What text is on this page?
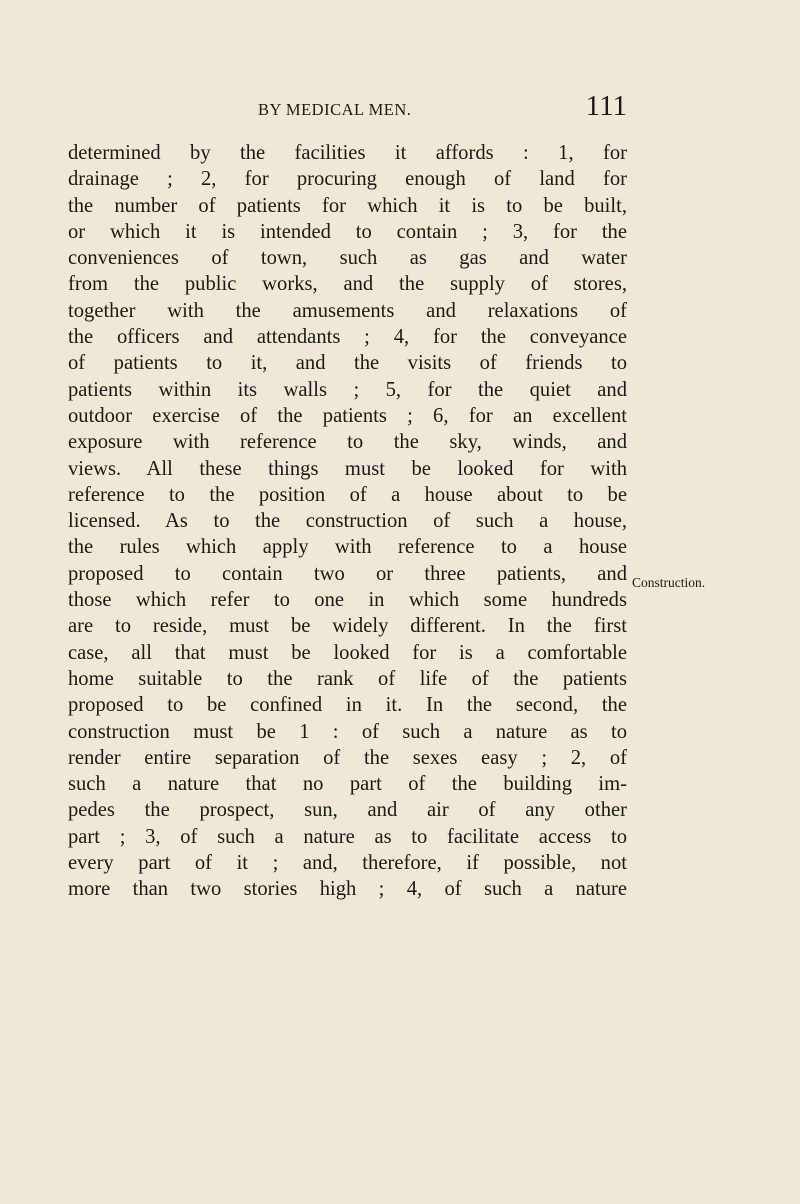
BY MEDICAL MEN.	111
determined by the facilities it affords : 1, for
drainage ; 2, for procuring enough of land for
the number of patients for which it is to be built,
or which it is intended to contain ; 3, for the
conveniences of town, such as gas and water
from the public works, and the supply of stores,
together with the amusements and relaxations of
the officers and attendants ; 4, for the conveyance
of patients to it, and the visits of friends to
patients within its walls ; 5, for the quiet and
outdoor exercise of the patients ; 6, for an excellent
exposure with reference to the sky, winds, and
views. All these things must be looked for with
reference to the position of a house about to be
licensed. As to the construction of such a house,
the rules which apply with reference to a house
proposed to contain two or three patients, and
those which refer to one in which some hundreds
are to reside, must be widely different. In the first
case, all that must be looked for is a comfortable
home suitable to the rank of life of the patients
proposed to be confined in it. In the second, the
construction must be 1 : of such a nature as to
render entire separation of the sexes easy ; 2, of
such a nature that no part of the building im-
pedes the prospect, sun, and air of any other
part ; 3, of such a nature as to facilitate access to
every part of it ; and, therefore, if possible, not
more than two stories high ; 4, of such a nature
Construction.
